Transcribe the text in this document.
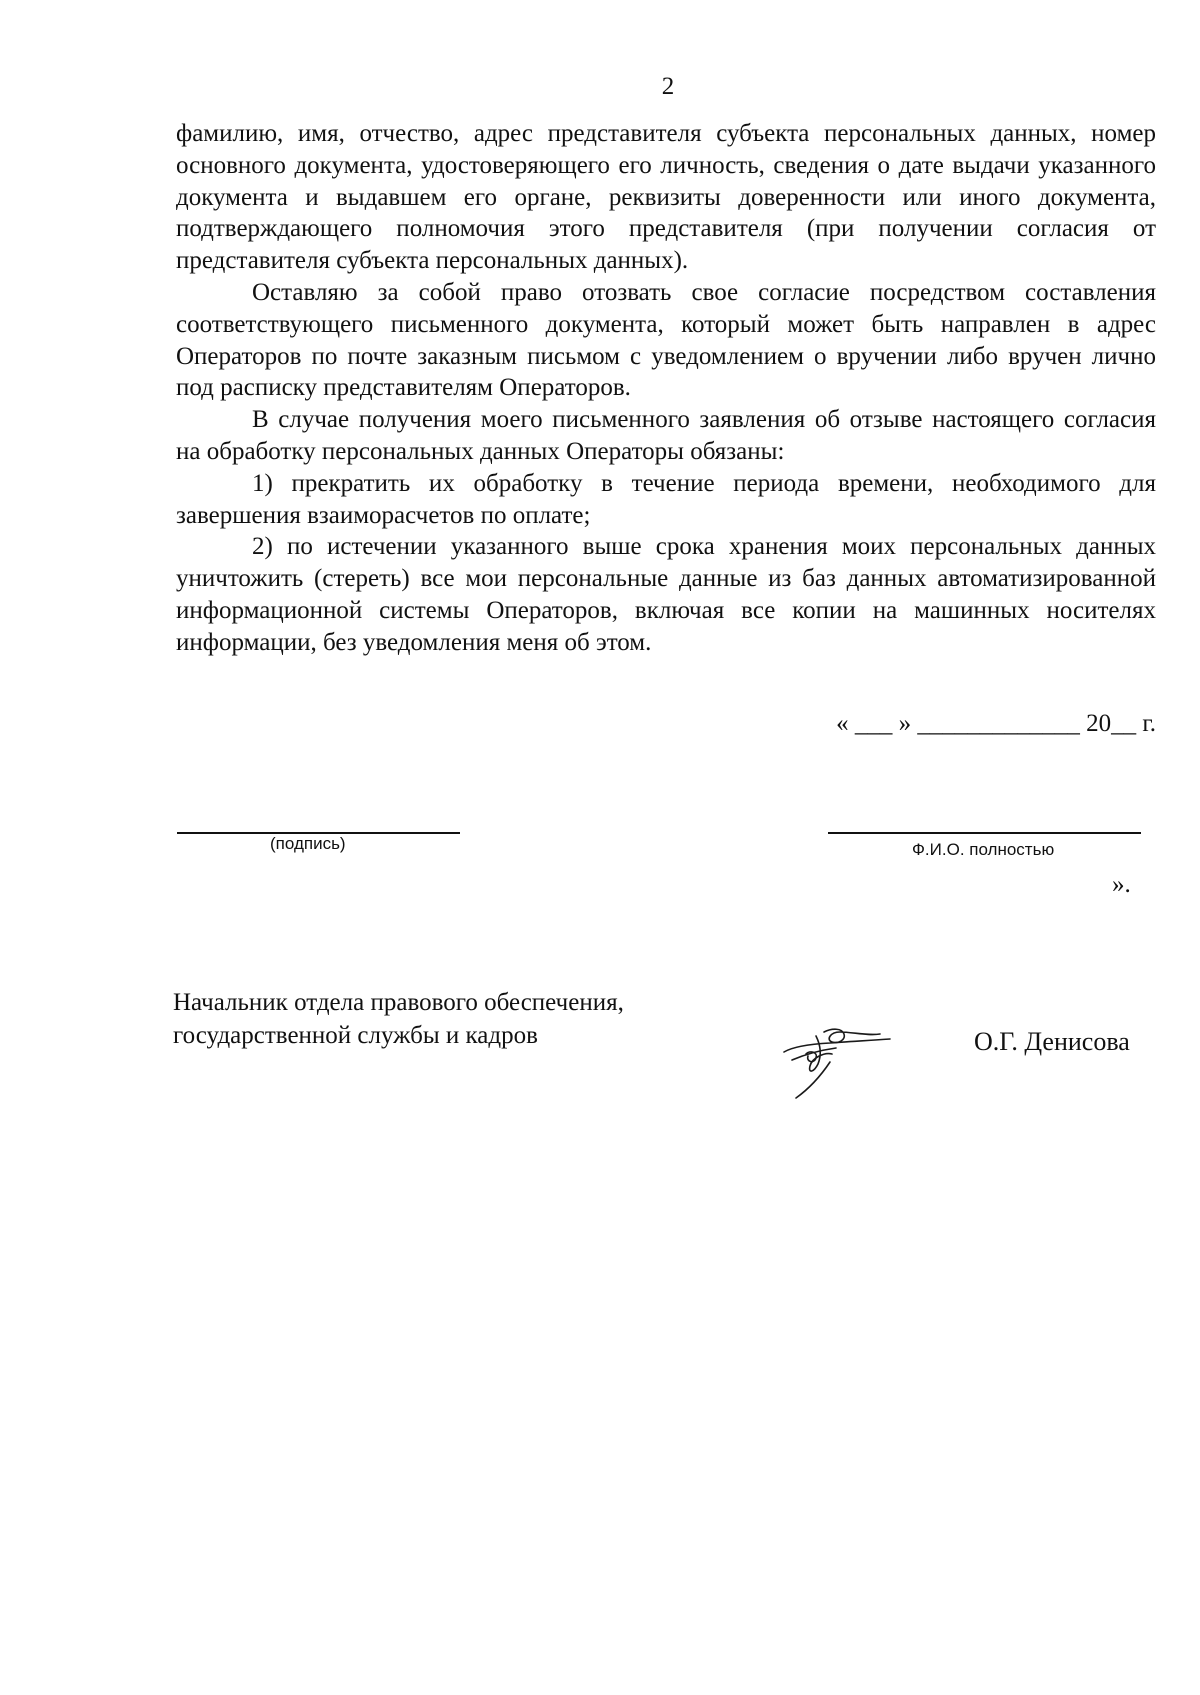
2

фамилию, имя, отчество, адрес представителя субъекта персональных данных, номер основного документа, удостоверяющего его личность, сведения о дате выдачи указанного документа и выдавшем его органе, реквизиты доверенности или иного документа, подтверждающего полномочия этого представителя (при получении согласия от представителя субъекта персональных данных).

Оставляю за собой право отозвать свое согласие посредством составления соответствующего письменного документа, который может быть направлен в адрес Операторов по почте заказным письмом с уведомлением о вручении либо вручен лично под расписку представителям Операторов.

В случае получения моего письменного заявления об отзыве настоящего согласия на обработку персональных данных Операторы обязаны:

1) прекратить их обработку в течение периода времени, необходимого для завершения взаиморасчетов по оплате;

2) по истечении указанного выше срока хранения моих персональных данных уничтожить (стереть) все мои персональные данные из баз данных автоматизированной информационной системы Операторов, включая все копии на машинных носителях информации, без уведомления меня об этом.

« ___ » _____________ 20__ г.
(подпись)	Ф.И.О. полностью
».
Начальник отдела правового обеспечения,
государственной службы и кадров	О.Г. Денисова
